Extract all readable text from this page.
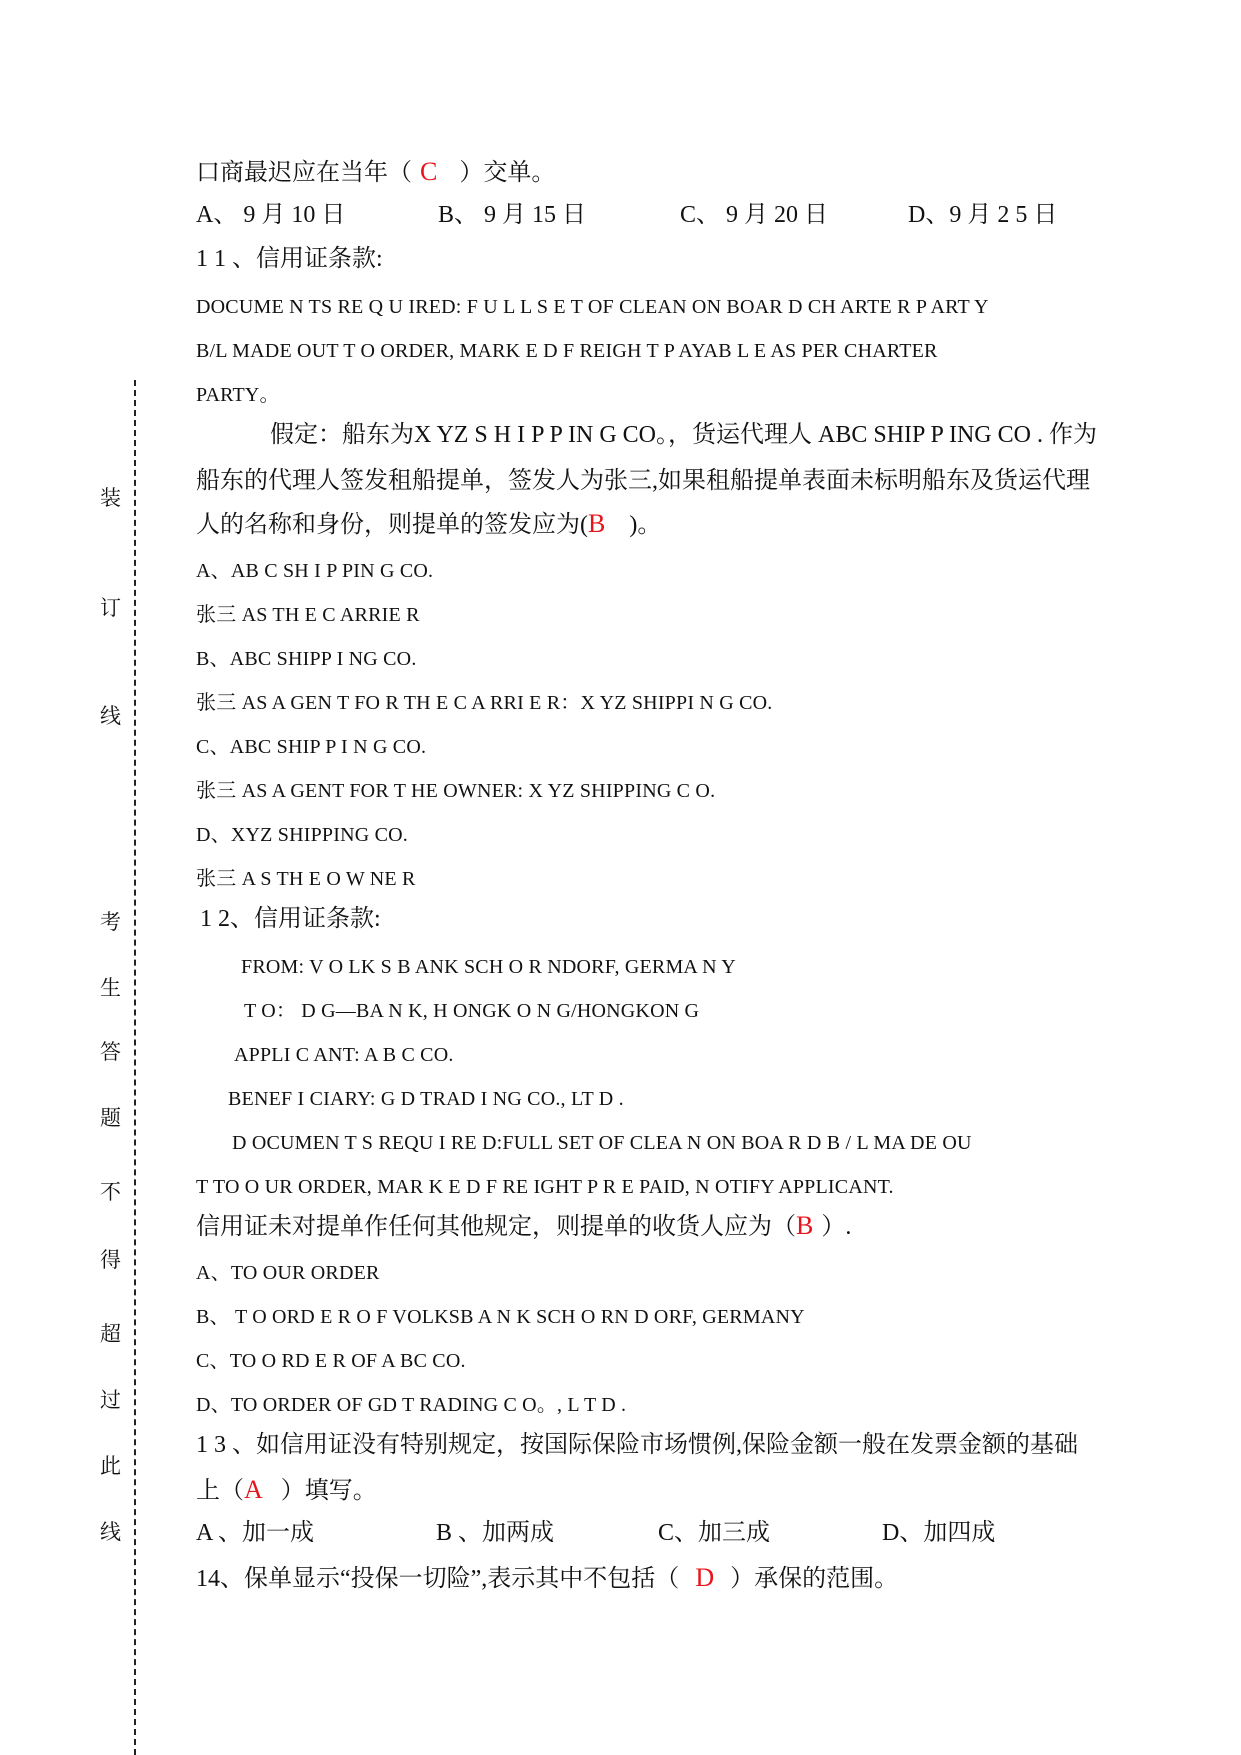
装
订
线
考
生
答
题
不
得
超
过
此
线
口商最迟应在当年（ C ）交单。
A、 9 月 10 日	B、 9 月 15 日	C、 9 月 20 日	D、9 月 2 5 日
1 1 、信用证条款:
DOCUME N TS RE Q U IRED: F U L L S E T OF CLEAN ON BOAR D CH ARTE R P ART Y
B/L MADE OUT T O ORDER, MARK E D F REIGH T P AYAB L E AS PER CHARTER
PARTY。
假定：船东为X YZ S H I P P IN G CO。，货运代理人 ABC SHIP P ING CO . 作为
船东的代理人签发租船提单，签发人为张三,如果租船提单表面未标明船东及货运代理
人的名称和身份，则提单的签发应为(B )。
A、AB C SH I P PIN G CO.
张三 AS TH E C ARRIE R
B、ABC SHIPP I NG CO.
张三 AS A GEN T FO R TH E C A RRI E R：X YZ SHIPPI N G CO.
C、ABC SHIP P I N G CO.
张三 AS A GENT FOR T HE OWNER: X YZ SHIPPING C O.
D、XYZ SHIPPING CO.
张三 A S TH E O W NE R
1 2、信用证条款:
FROM: V O LK S B ANK SCH O R NDORF, GERMA N Y
T O： D G—BA N K, H ONGK O N G/HONGKON G
APPLI C ANT: A B C CO.
BENEF I CIARY: G D TRAD I NG CO., LT D .
D OCUMEN T S REQU I RE D:FULL SET OF CLEA N ON BOA R D B / L MA DE OU
T TO O UR ORDER, MAR K E D F RE IGHT P R E PAID, N OTIFY APPLICANT.
信用证未对提单作任何其他规定，则提单的收货人应为（B ）.
A、TO OUR ORDER
B、 T O ORD E R O F VOLKSB A N K SCH O RN D ORF, GERMANY
C、TO O RD E R OF A BC CO.
D、TO ORDER OF GD T RADING C O。, L T D .
1 3 、如信用证没有特别规定，按国际保险市场惯例,保险金额一般在发票金额的基础
上（A ）填写。
A 、加一成	B 、加两成	C、加三成	D、加四成
14、保单显示“投保一切险”,表示其中不包括（ D ）承保的范围。
